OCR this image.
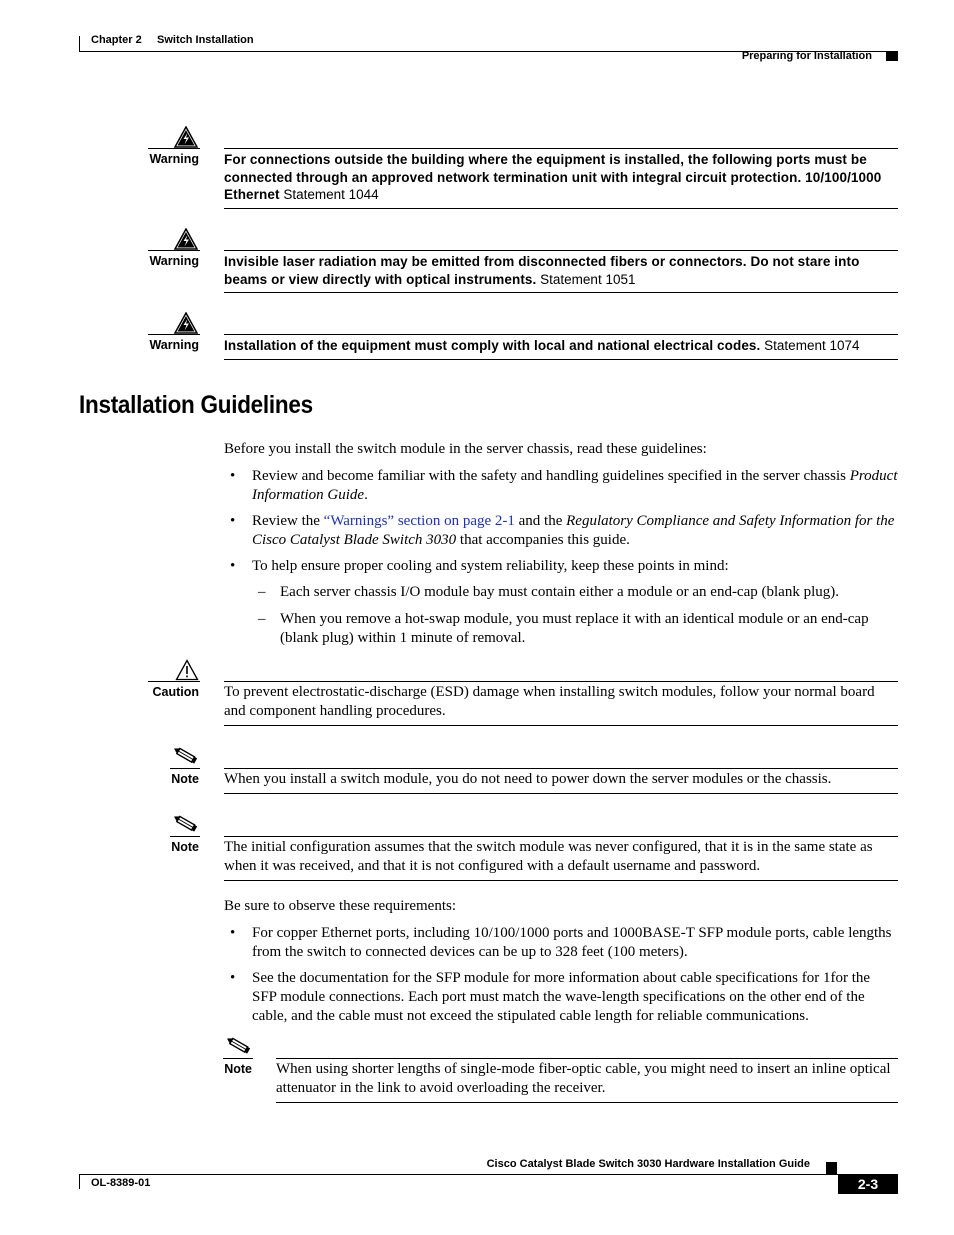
Chapter 2 Switch Installation
Preparing for Installation
Warning For connections outside the building where the equipment is installed, the following ports must be connected through an approved network termination unit with integral circuit protection. 10/100/1000 Ethernet Statement 1044
Warning Invisible laser radiation may be emitted from disconnected fibers or connectors. Do not stare into beams or view directly with optical instruments. Statement 1051
Warning Installation of the equipment must comply with local and national electrical codes. Statement 1074
Installation Guidelines
Before you install the switch module in the server chassis, read these guidelines:
• Review and become familiar with the safety and handling guidelines specified in the server chassis Product Information Guide.
• Review the “Warnings” section on page 2-1 and the Regulatory Compliance and Safety Information for the Cisco Catalyst Blade Switch 3030 that accompanies this guide.
• To help ensure proper cooling and system reliability, keep these points in mind:
– Each server chassis I/O module bay must contain either a module or an end-cap (blank plug).
– When you remove a hot-swap module, you must replace it with an identical module or an end-cap (blank plug) within 1 minute of removal.
Caution To prevent electrostatic-discharge (ESD) damage when installing switch modules, follow your normal board and component handling procedures.
Note When you install a switch module, you do not need to power down the server modules or the chassis.
Note The initial configuration assumes that the switch module was never configured, that it is in the same state as when it was received, and that it is not configured with a default username and password.
Be sure to observe these requirements:
• For copper Ethernet ports, including 10/100/1000 ports and 1000BASE-T SFP module ports, cable lengths from the switch to connected devices can be up to 328 feet (100 meters).
• See the documentation for the SFP module for more information about cable specifications for 1for the SFP module connections. Each port must match the wave-length specifications on the other end of the cable, and the cable must not exceed the stipulated cable length for reliable communications.
Note When using shorter lengths of single-mode fiber-optic cable, you might need to insert an inline optical attenuator in the link to avoid overloading the receiver.
Cisco Catalyst Blade Switch 3030 Hardware Installation Guide
OL-8389-01	2-3
